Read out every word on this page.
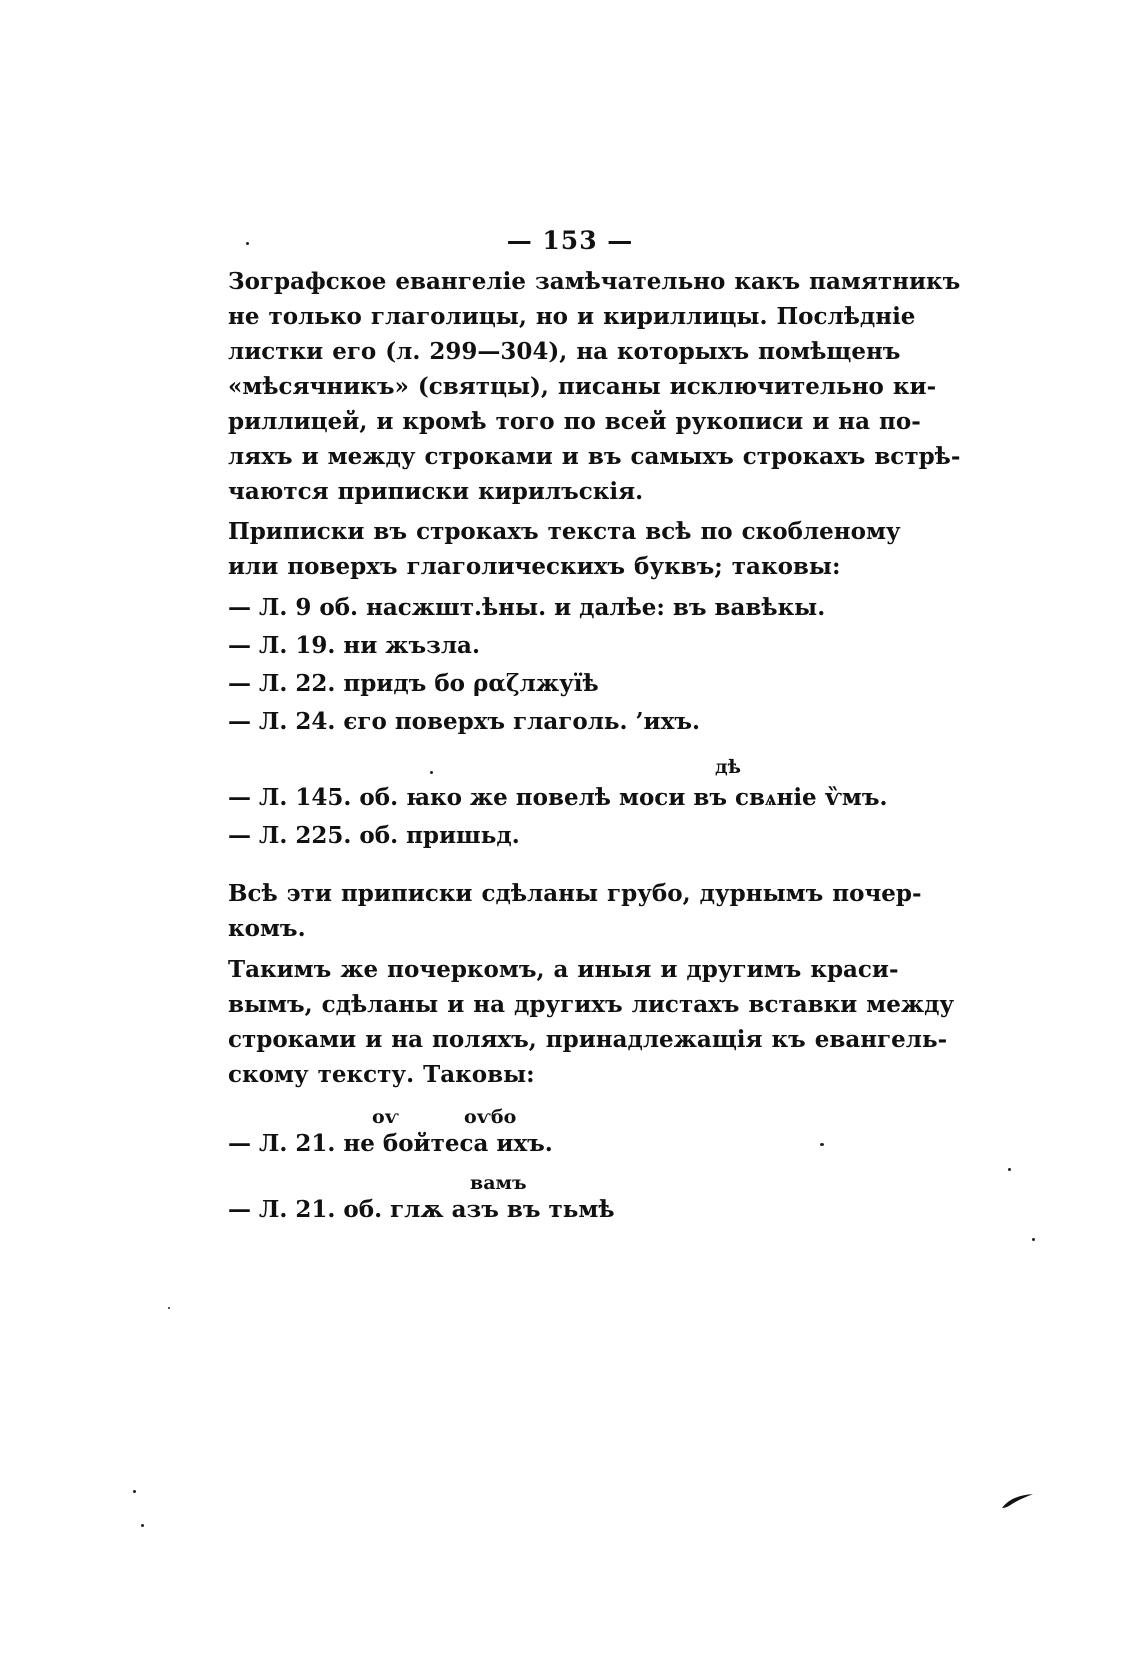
— 153 —
Зографское евангеліе замѣчательно какъ памятникъ
не только глаголицы, но и кириллицы. Послѣдніе
листки его (л. 299—304), на которыхъ помѣщенъ
«мѣсячникъ» (святцы), писаны исключительно ки-
риллицей, и кромѣ того по всей рукописи и на по-
ляхъ и между строками и въ самыхъ строкахъ встрѣ-
чаются приписки кирилъскія.
Приписки въ строкахъ текста всѣ по скобленому
или поверхъ глаголическихъ буквъ; таковы:
— Л. 9 об. насжшт.ѣны. и далѣе: въ вавѣкы.
— Л. 19. ни жъзла.
— Л. 22. придъ бо ραζлжуїѣ
— Л. 24. єго поверхъ глаголь. ’ихъ.
дѣ
— Л. 145. об. ꙗко же повелѣ моси въ свѧніе ѷмъ.
— Л. 225. об. пришьд.
Всѣ эти приписки сдѣланы грубо, дурнымъ почер-
комъ.
Такимъ же почеркомъ, а иныя и другимъ краси-
вымъ, сдѣланы и на другихъ листахъ вставки между
строками и на поляхъ, принадлежащія къ евангель-
скому тексту. Таковы:
оѵ	оѵбо
— Л. 21. не бойтеса ихъ.
вамъ
— Л. 21. об. глѫ азъ въ тьмѣ
